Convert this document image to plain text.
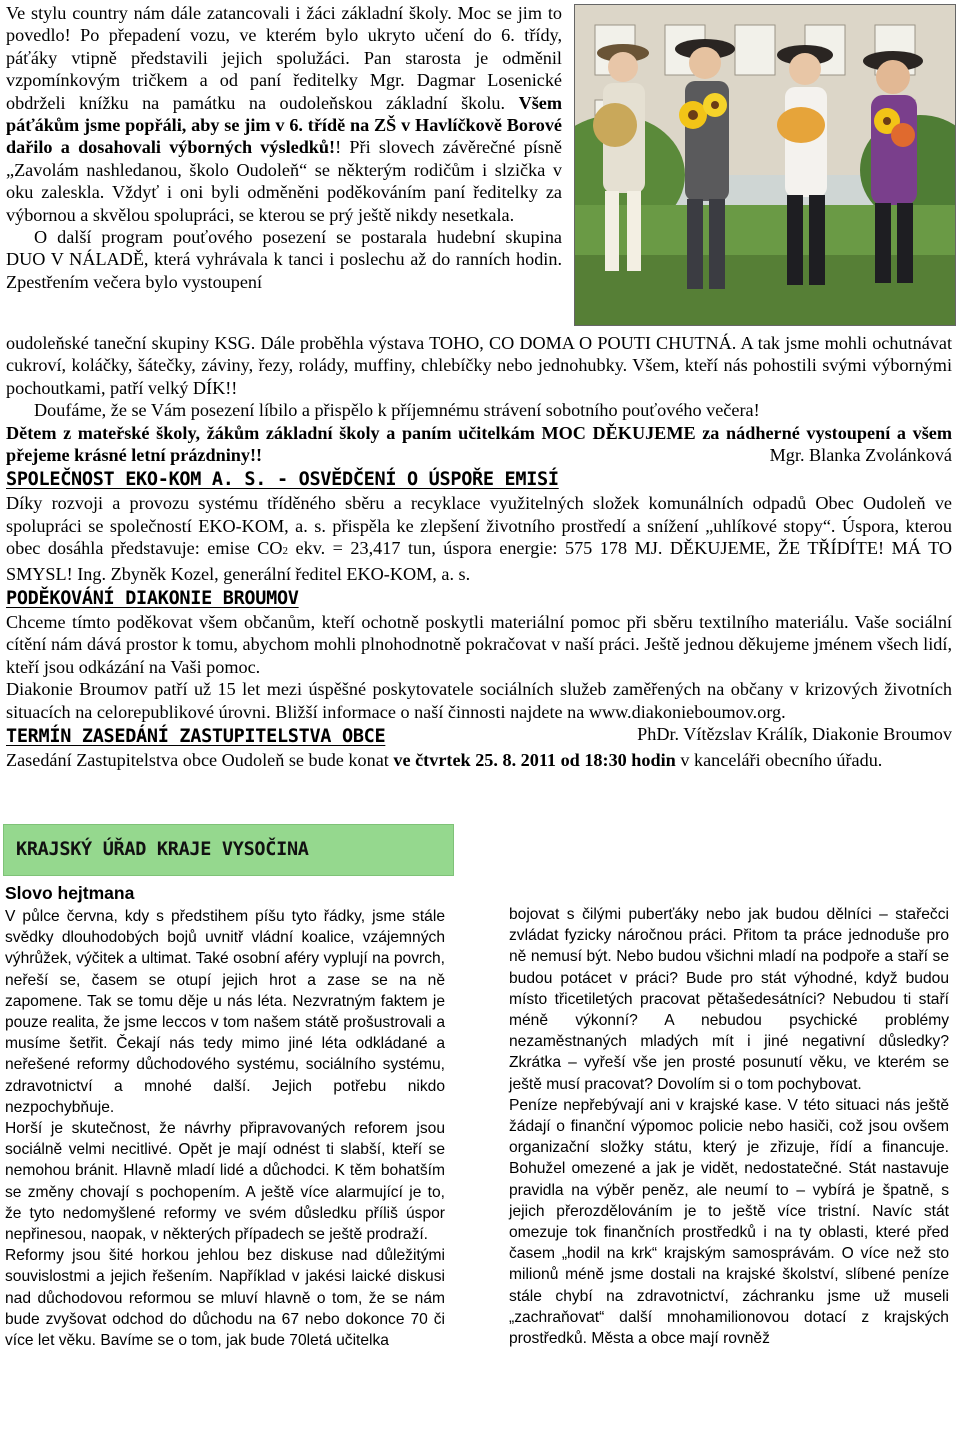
Ve stylu country nám dále zatancovali i žáci základní školy. Moc se jim to povedlo! Po přepadení vozu, ve kterém bylo ukryto učení do 6. třídy, páťáky vtipně představili jejich spolužáci. Pan starosta je odměnil vzpomínkovým tričkem a od paní ředitelky Mgr. Dagmar Losenické obdrželi knížku na památku na oudoleňskou základní školu. Všem páťákům jsme popřáli, aby se jim v 6. třídě na ZŠ v Havlíčkově Borové dařilo a dosahovali výborných výsledků!! Při slovech závěrečné písně „Zavolám nashledanou, školo Oudoleň“ se některým rodičům i slzička v oku zaleskla. Vždyť i oni byli odměněni poděkováním paní ředitelky za výbornou a skvělou spolupráci, se kterou se prý ještě nikdy nesetkala.

O další program pouťového posezení se postarala hudební skupina DUO V NÁLADĚ, která vyhrávala k tanci i poslechu až do ranních hodin. Zpestřením večera bylo vystoupení

oudoleňské taneční skupiny KSG. Dále proběhla výstava TOHO, CO DOMA O POUTI CHUTNÁ. A tak jsme mohli ochutnávat cukroví, koláčky, šátečky, záviny, řezy, rolády, muffiny, chlebíčky nebo jednohubky. Všem, kteří nás pohostili svými výbornými pochoutkami, patří velký DÍK!!

Doufáme, že se Vám posezení líbilo a přispělo k příjemnému strávení sobotního pouťového večera!

Dětem z mateřské školy, žákům základní školy a paním učitelkám MOC DĚKUJEME za nádherné vystoupení a všem přejeme krásné letní prázdniny!!	Mgr. Blanka Zvolánková

SPOLEČNOST EKO-KOM A. S. - OSVĚDČENÍ O ÚSPOŘE EMISÍ

Díky rozvoji a provozu systému tříděného sběru a recyklace využitelných složek komunálních odpadů Obec Oudoleň ve spolupráci se společností EKO-KOM, a. s. přispěla ke zlepšení životního prostředí a snížení „uhlíkové stopy“. Úspora, kterou obec dosáhla představuje: emise CO2 ekv. = 23,417 tun, úspora energie: 575 178 MJ. DĚKUJEME, ŽE TŘÍDÍTE! MÁ TO SMYSL! Ing. Zbyněk Kozel, generální ředitel EKO-KOM, a. s.

PODĚKOVÁNÍ DIAKONIE BROUMOV

Chceme tímto poděkovat všem občanům, kteří ochotně poskytli materiální pomoc při sběru textilního materiálu. Vaše sociální cítění nám dává prostor k tomu, abychom mohli plnohodnotně pokračovat v naší práci. Ještě jednou děkujeme jménem všech lidí, kteří jsou odkázání na Vaši pomoc.

Diakonie Broumov patří už 15 let mezi úspěšné poskytovatele sociálních služeb zaměřených na občany v krizových životních situacích na celorepublikové úrovni. Bližší informace o naší činnosti najdete na www.diakonieboumov.org.
PhDr. Vítězslav Králík, Diakonie Broumov

TERMÍN ZASEDÁNÍ ZASTUPITELSTVA OBCE

Zasedání Zastupitelstva obce Oudoleň se bude konat ve čtvrtek 25. 8. 2011 od 18:30 hodin v kanceláři obecního úřadu.

KRAJSKÝ ÚŘAD KRAJE VYSOČINA
Slovo hejtmana

V půlce června, kdy s předstihem píšu tyto řádky, jsme stále svědky dlouhodobých bojů uvnitř vládní koalice, vzájemných výhrůžek, výčitek a ultimat. Také osobní aféry vyplují na povrch, neřeší se, časem se otupí jejich hrot a zase se na ně zapomene. Tak se tomu děje u nás léta. Nezvratným faktem je pouze realita, že jsme leccos v tom našem státě prošustrovali a musíme šetřit. Čekají nás tedy mimo jiné léta odkládané a neřešené reformy důchodového systému, sociálního systému, zdravotnictví a mnohé další. Jejich potřebu nikdo nezpochybňuje.

Horší je skutečnost, že návrhy připravovaných reforem jsou sociálně velmi necitlivé. Opět je mají odnést ti slabší, kteří se nemohou bránit. Hlavně mladí lidé a důchodci. K těm bohatším se změny chovají s pochopením. A ještě více alarmující je to, že tyto nedomyšlené reformy ve svém důsledku příliš úspor nepřinesou, naopak, v některých případech se ještě prodraží.

Reformy jsou šité horkou jehlou bez diskuse nad důležitými souvislostmi a jejich řešením. Například v jakési laické diskusi nad důchodovou reformou se mluví hlavně o tom, že se nám bude zvyšovat odchod do důchodu na 67 nebo dokonce 70 či více let věku. Bavíme se o tom, jak bude 70letá učitelka

bojovat s čilými puberťáky nebo jak budou dělníci – stařečci zvládat fyzicky náročnou práci. Přitom ta práce jednoduše pro ně nemusí být. Nebo budou všichni mladí na podpoře a staří se budou potácet v práci? Bude pro stát výhodné, když budou místo třicetiletých pracovat pětašedesátníci? Nebudou ti staří méně výkonní? A nebudou psychické problémy nezaměstnaných mladých mít i jiné negativní důsledky? Zkrátka – vyřeší vše jen prosté posunutí věku, ve kterém se ještě musí pracovat? Dovolím si o tom pochybovat.

Peníze nepřebývají ani v krajské kase. V této situaci nás ještě žádají o finanční výpomoc policie nebo hasiči, což jsou ovšem organizační složky státu, který je zřizuje, řídí a financuje. Bohužel omezené a jak je vidět, nedostatečné. Stát nastavuje pravidla na výběr peněz, ale neumí to – vybírá je špatně, s jejich přerozdělováním je to ještě více tristní. Navíc stát omezuje tok finančních prostředků i na ty oblasti, které před časem „hodil na krk“ krajským samosprávám. O více než sto milionů méně jsme dostali na krajské školství, slíbené peníze stále chybí na zdravotnictví, záchranku jsme už museli „zachraňovat“ další mnohamilionovou dotací z krajských prostředků. Města a obce mají rovněž
